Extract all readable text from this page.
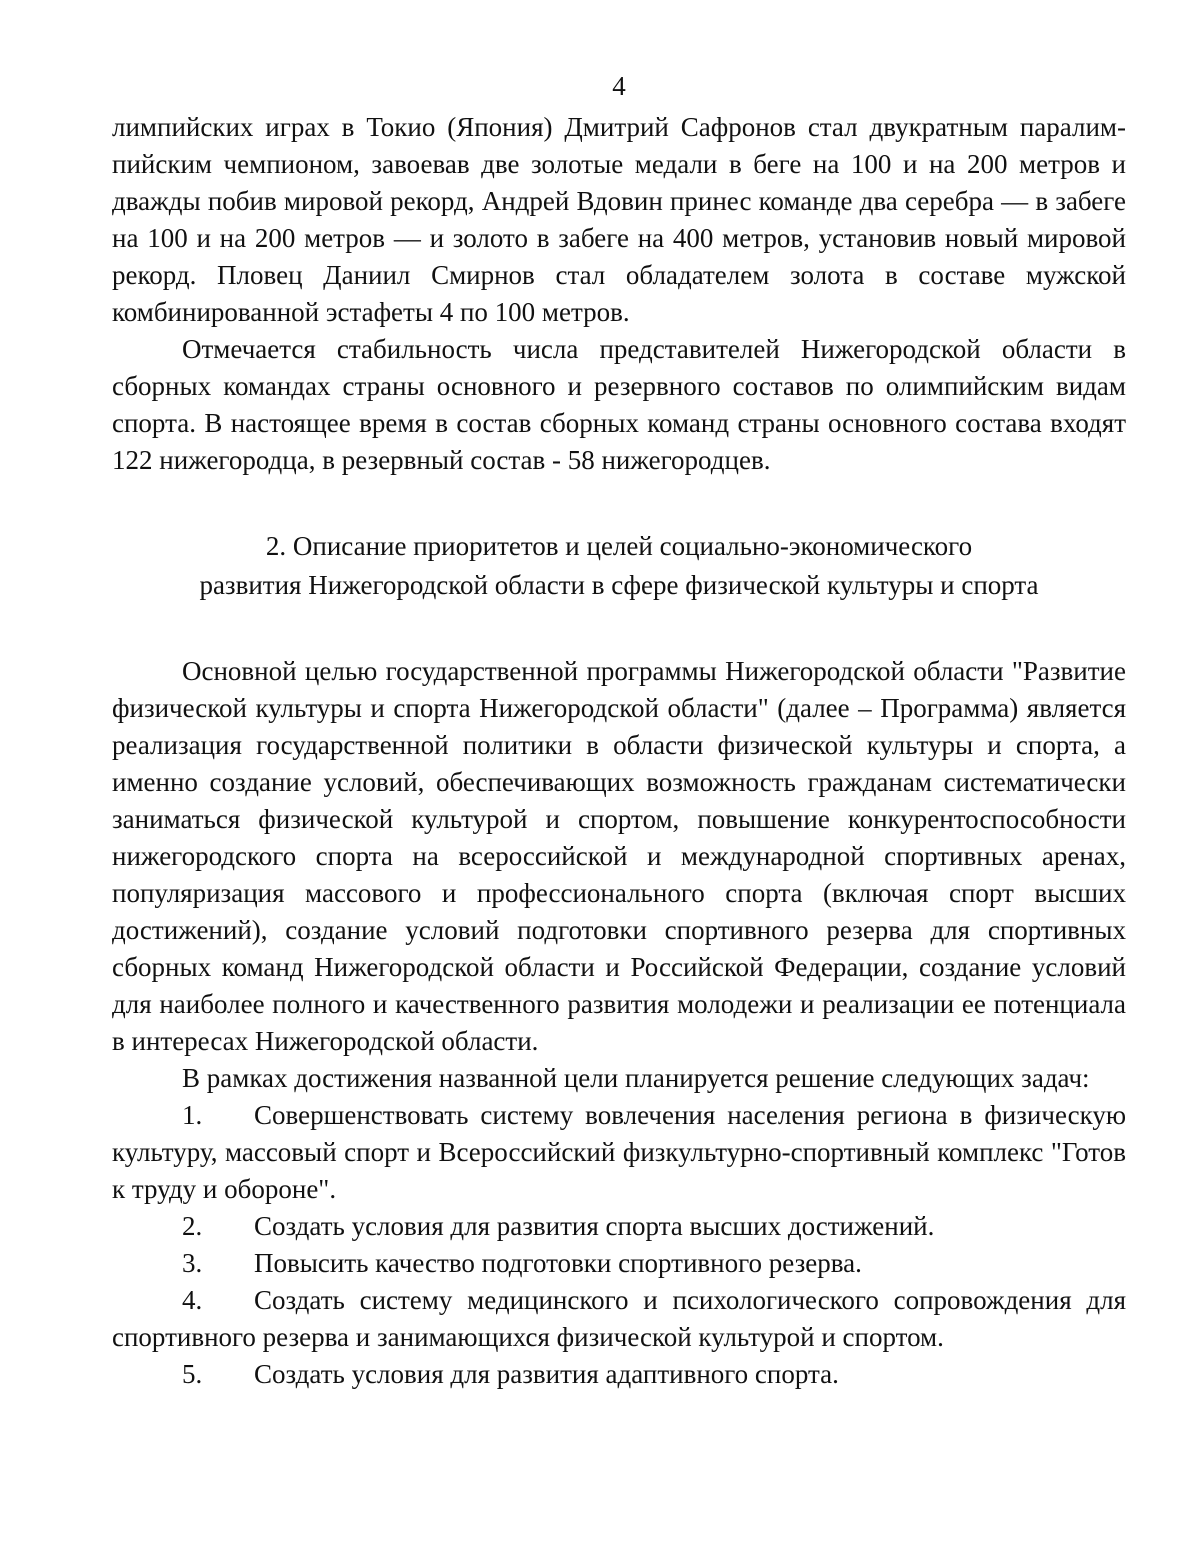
4

лимпийских играх в Токио (Япония) Дмитрий Сафронов стал двукратным паралимпийским чемпионом, завоевав две золотые медали в беге на 100 и на 200 метров и дважды побив мировой рекорд, Андрей Вдовин принес команде два серебра — в забеге на 100 и на 200 метров — и золото в забеге на 400 метров, установив новый мировой рекорд. Пловец Даниил Смирнов стал обладателем золота в составе мужской комбинированной эстафеты 4 по 100 метров.

Отмечается стабильность числа представителей Нижегородской области в сборных командах страны основного и резервного составов по олимпийским видам спорта. В настоящее время в состав сборных команд страны основного состава входят 122 нижегородца, в резервный состав - 58 нижегородцев.

2. Описание приоритетов и целей социально-экономического
развития Нижегородской области в сфере физической культуры и спорта

Основной целью государственной программы Нижегородской области "Развитие физической культуры и спорта Нижегородской области" (далее – Программа) является реализация государственной политики в области физической культуры и спорта, а именно создание условий, обеспечивающих возможность гражданам систематически заниматься физической культурой и спортом, повышение конкурентоспособности нижегородского спорта на всероссийской и международной спортивных аренах, популяризация массового и профессионального спорта (включая спорт высших достижений), создание условий подготовки спортивного резерва для спортивных сборных команд Нижегородской области и Российской Федерации, создание условий для наиболее полного и качественного развития молодежи и реализации ее потенциала в интересах Нижегородской области.

В рамках достижения названной цели планируется решение следующих задач:

1. Совершенствовать систему вовлечения населения региона в физическую культуру, массовый спорт и Всероссийский физкультурно-спортивный комплекс "Готов к труду и обороне".

2. Создать условия для развития спорта высших достижений.

3. Повысить качество подготовки спортивного резерва.

4. Создать систему медицинского и психологического сопровождения для спортивного резерва и занимающихся физической культурой и спортом.

5. Создать условия для развития адаптивного спорта.
